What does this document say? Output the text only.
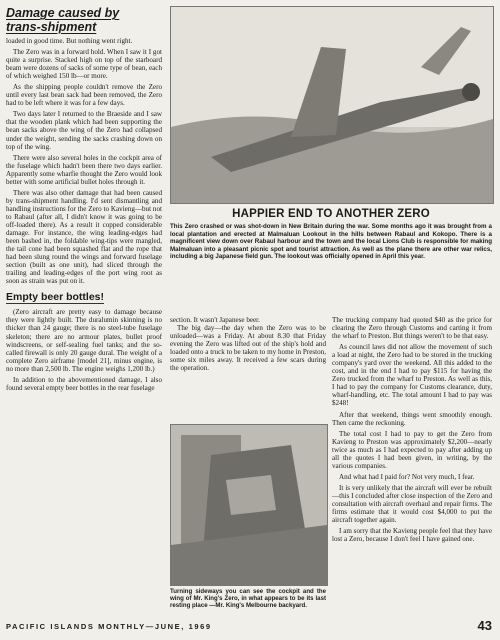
Damage caused by
trans-shipment

loaded in good time. But nothing went right.

The Zero was in a forward hold. When I saw it I got quite a surprise. Stacked high on top of the starboard beam were dozens of sacks of some type of bean, each of which weighed 150 lb—or more.

As the shipping people couldn't remove the Zero until every last bean sack had been removed, the Zero had to be left where it was for a few days.

Two days later I returned to the Braeside and I saw that the wooden plank which had been supporting the bean sacks above the wing of the Zero had collapsed under the weight, sending the sacks crashing down on top of the wing.

There were also several holes in the cockpit area of the fuselage which hadn't been there two days earlier. Apparently some wharfie thought the Zero would look better with some artificial bullet holes through it.

There was also other damage that had been caused by trans-shipment handling. I'd sent dismantling and handling instructions for the Zero to Kavieng—but not to Rabaul (after all, I didn't know it was going to be off-loaded there). As a result it copped considerable damage. For instance, the wing leading-edges had been bashed in, the foldable wing-tips were mangled, the tail cone had been squashed flat and the rope that had been slung round the wings and forward fuselage section (built as one unit), had sliced through the trailing and leading-edges of the port wing root as soon as strain was put on it.

Empty beer bottles!

(Zero aircraft are pretty easy to damage because they were lightly built. The duralumin skinning is no thicker than 24 gauge; there is no steel-tube fuselage skeleton; there are no armour plates, bullet proof windscreens, or self-sealing fuel tanks; and the so-called firewall is only 20 gauge dural. The weight of a complete Zero airframe [model 21], minus engine, is no more than 2,500 lb. The engine weighs 1,200 lb.)

In addition to the abovementioned damage, I also found several empty beer bottles in the rear fuselage

HAPPIER END TO ANOTHER ZERO

This Zero crashed or was shot-down in New Britain during the war. Some months ago it was brought from a local plantation and erected at Malmaluan Lookout in the hills between Rabaul and Kokopo. There is a magnificent view down over Rabaul harbour and the town and the local Lions Club is responsible for making Malmaluan into a pleasant picnic spot and tourist attraction. As well as the plane there are other war relics, including a big Japanese field gun. The lookout was officially opened in April this year.

section. It wasn't Japanese beer.

The big day—the day when the Zero was to be unloaded—was a Friday. At about 8.30 that Friday evening the Zero was lifted out of the ship's hold and loaded onto a truck to be taken to my home in Preston, some six miles away. It received a few scars during the operation.

Turning sideways you can see the cockpit and the wing of Mr. King's Zero, in what appears to be its last resting place —Mr. King's Melbourne backyard.

The trucking company had quoted $40 as the price for clearing the Zero through Customs and carting it from the wharf to Preston. But things weren't to be that easy.

As council laws did not allow the movement of such a load at night, the Zero had to be stored in the trucking company's yard over the weekend. All this added to the cost, and in the end I had to pay $115 for having the Zero trucked from the wharf to Preston. As well as this, I had to pay the company for Customs clearance, duty, wharf-handling, etc. The total amount I had to pay was $248!

After that weekend, things went smoothly enough. Then came the reckoning.

The total cost I had to pay to get the Zero from Kavieng to Preston was approximately $2,200—nearly twice as much as I had expected to pay after adding up all the quotes I had been given, in writing, by the various companies.

And what had I paid for? Not very much, I fear.

It is very unlikely that the aircraft will ever be rebuilt—this I concluded after close inspection of the Zero and consultation with aircraft overhaul and repair firms. The firms estimate that it would cost $4,000 to put the aircraft together again.

I am sorry that the Kavieng people feel that they have lost a Zero, because I don't feel I have gained one.

PACIFIC ISLANDS MONTHLY—JUNE, 1969	43
